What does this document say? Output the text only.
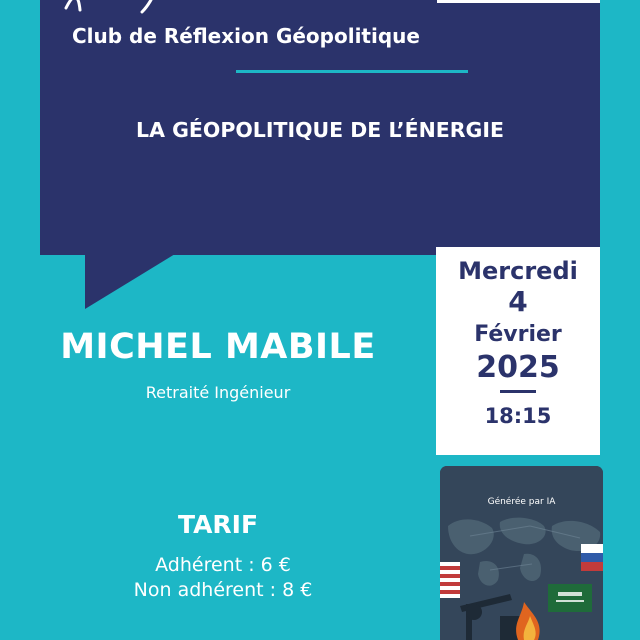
Club de Réflexion Géopolitique
LA GÉOPOLITIQUE DE L’ÉNERGIE
Mercredi
4
Février
2025
18:15
MICHEL MABILE
Retraité Ingénieur
TARIF
Adhérent : 6 €
Non adhérent : 8 €
Générée par IA
